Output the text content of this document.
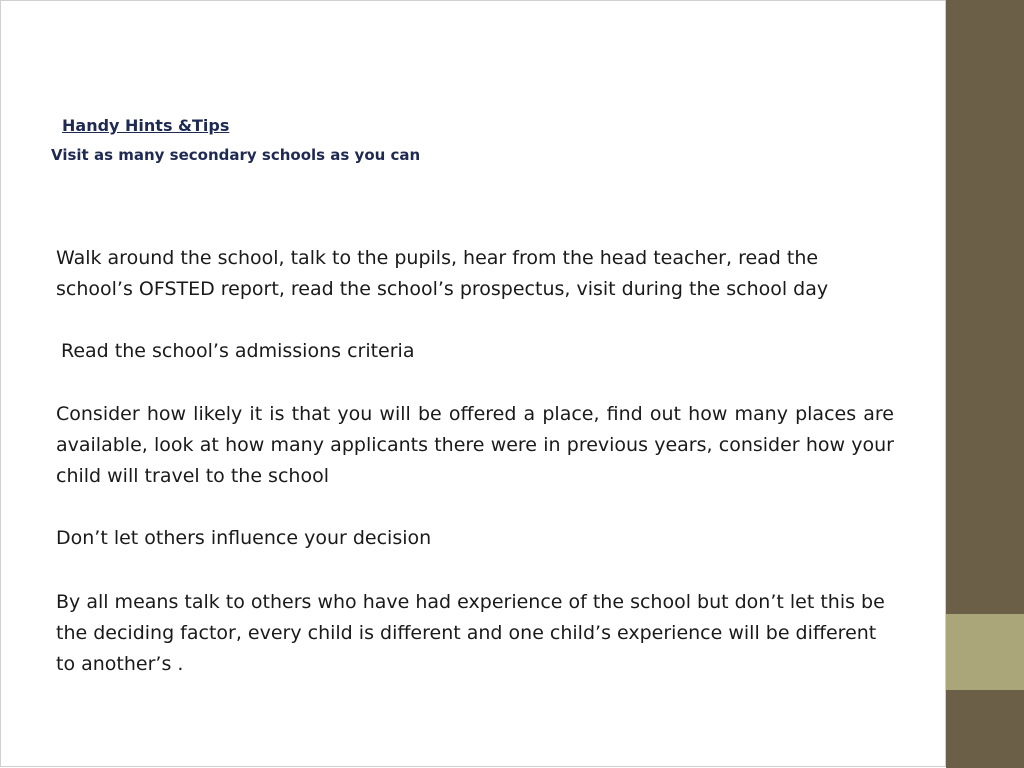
Handy Hints &Tips
Visit as many secondary schools as you can

Walk around the school, talk to the pupils, hear from the head teacher, read the school’s OFSTED report, read the school’s prospectus, visit during the school day

Read the school’s admissions criteria

Consider how likely it is that you will be offered a place, find out how many places are available, look at how many applicants there were in previous years, consider how your child will travel to the school

Don’t let others influence your decision

By all means talk to others who have had experience of the school but don’t let this be the deciding factor, every child is different and one child’s experience will be different to another’s .
